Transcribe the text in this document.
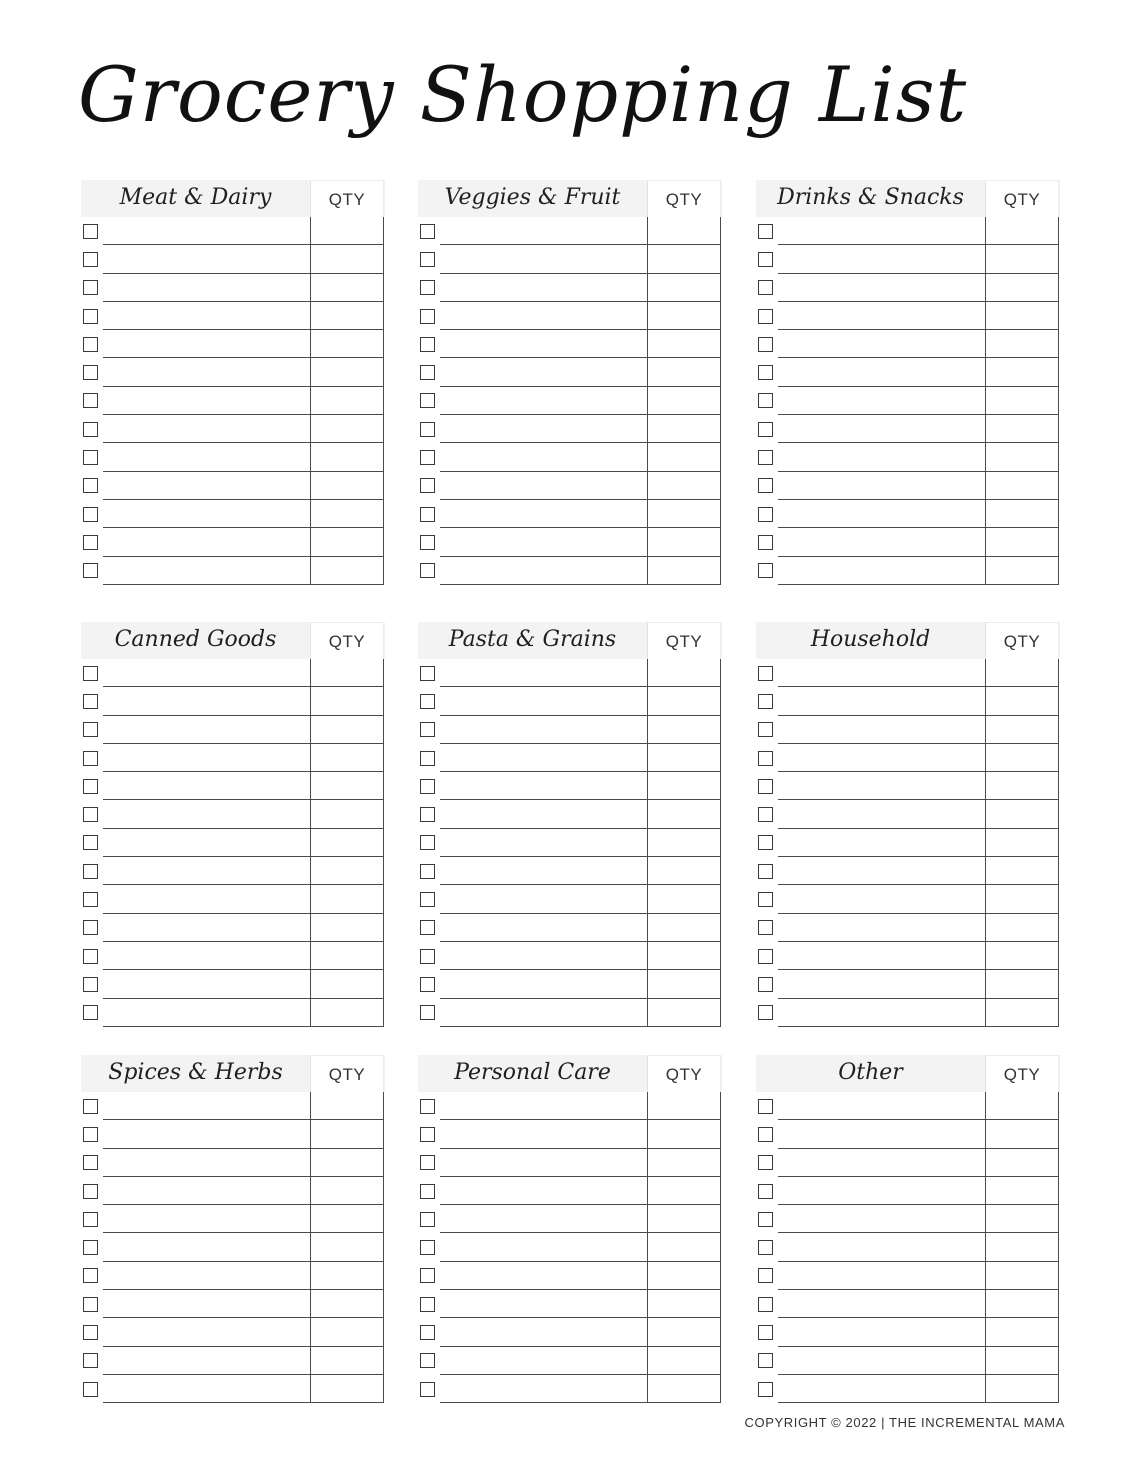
Grocery Shopping List
Meat & Dairy	QTY	Veggies & Fruit	QTY	Drinks & Snacks	QTY
Canned Goods	QTY	Pasta & Grains	QTY	Household	QTY
Spices & Herbs	QTY	Personal Care	QTY	Other	QTY
COPYRIGHT © 2022 | THE INCREMENTAL MAMA
